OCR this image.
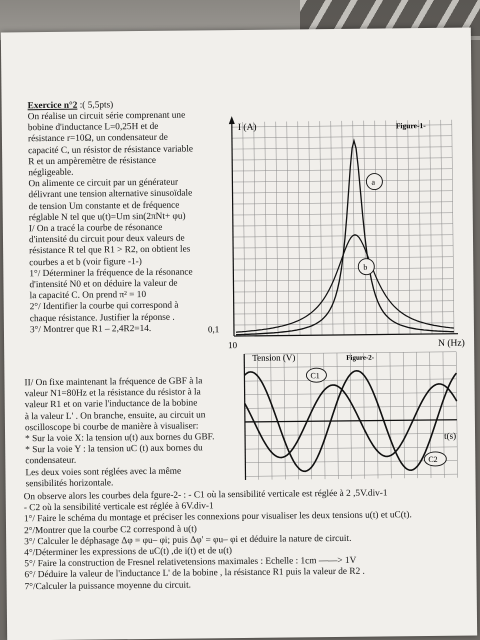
Exercice n°2 :( 5,5pts)
On réalise un circuit série comprenant une
bobine d'inductance L=0,25H et de
résistance r=10Ω, un condensateur de
capacité C, un résistor de résistance variable
R et un ampèremètre de résistance
négligeable.
On alimente ce circuit par un générateur
délivrant une tension alternative sinusoïdale
de tension Um constante et de fréquence
réglable N tel que u(t)=Um sin(2πNt+ φu)
I/ On a tracé la courbe de résonance
d'intensité du circuit pour deux valeurs de
résistance R tel que R1 > R2, on obtient les
courbes a et b (voir figure -1-)
1°/ Déterminer la fréquence de la résonance
d'intensité N0 et on déduire la valeur de
la capacité C. On prend π² = 10
2°/ Identifier la courbe qui correspond à
chaque résistance. Justifier la réponse .
3°/ Montrer que R1 – 2,4R2=14.
I (A)	Figure-1-
a
b
0,1
10	N (Hz)
II/ On fixe maintenant la fréquence de GBF à la
valeur N1=80Hz et la résistance du résistor à la
valeur R1 et on varie l'inductance de la bobine
à la valeur L' . On branche, ensuite, au circuit un
oscilloscope bi courbe de manière à visualiser:
* Sur la voie X: la tension u(t) aux bornes du GBF.
* Sur la voie Y : la tension uC (t) aux bornes du
condensateur.
Les deux voies sont réglées avec la même
sensibilités horizontale.
Tension (V)	Figure-2-
C1
C2
t(s)
On observe alors les courbes dela fgure-2- : - C1 où la sensibilité verticale est réglée à 2 ,5V.div-1
- C2 où la sensibilité verticale est réglée à 6V.div-1
1°/ Faire le schéma du montage et préciser les connexions pour visualiser les deux tensions u(t) et uC(t).
2°/Montrer que la courbe C2 correspond à u(t)
3°/ Calculer le déphasage Δφ = φu– φi; puis Δφ' = φu– φi et déduire la nature de circuit.
4°/Déterminer les expressions de uC(t) ,de i(t) et de u(t)
5°/ Faire la construction de Fresnel relativetensions maximales : Echelle : 1cm ——> 1V
6°/ Déduire la valeur de l'inductance L' de la bobine , la résistance R1 puis la valeur de R2 .
7°/Calculer la puissance moyenne du circuit.
